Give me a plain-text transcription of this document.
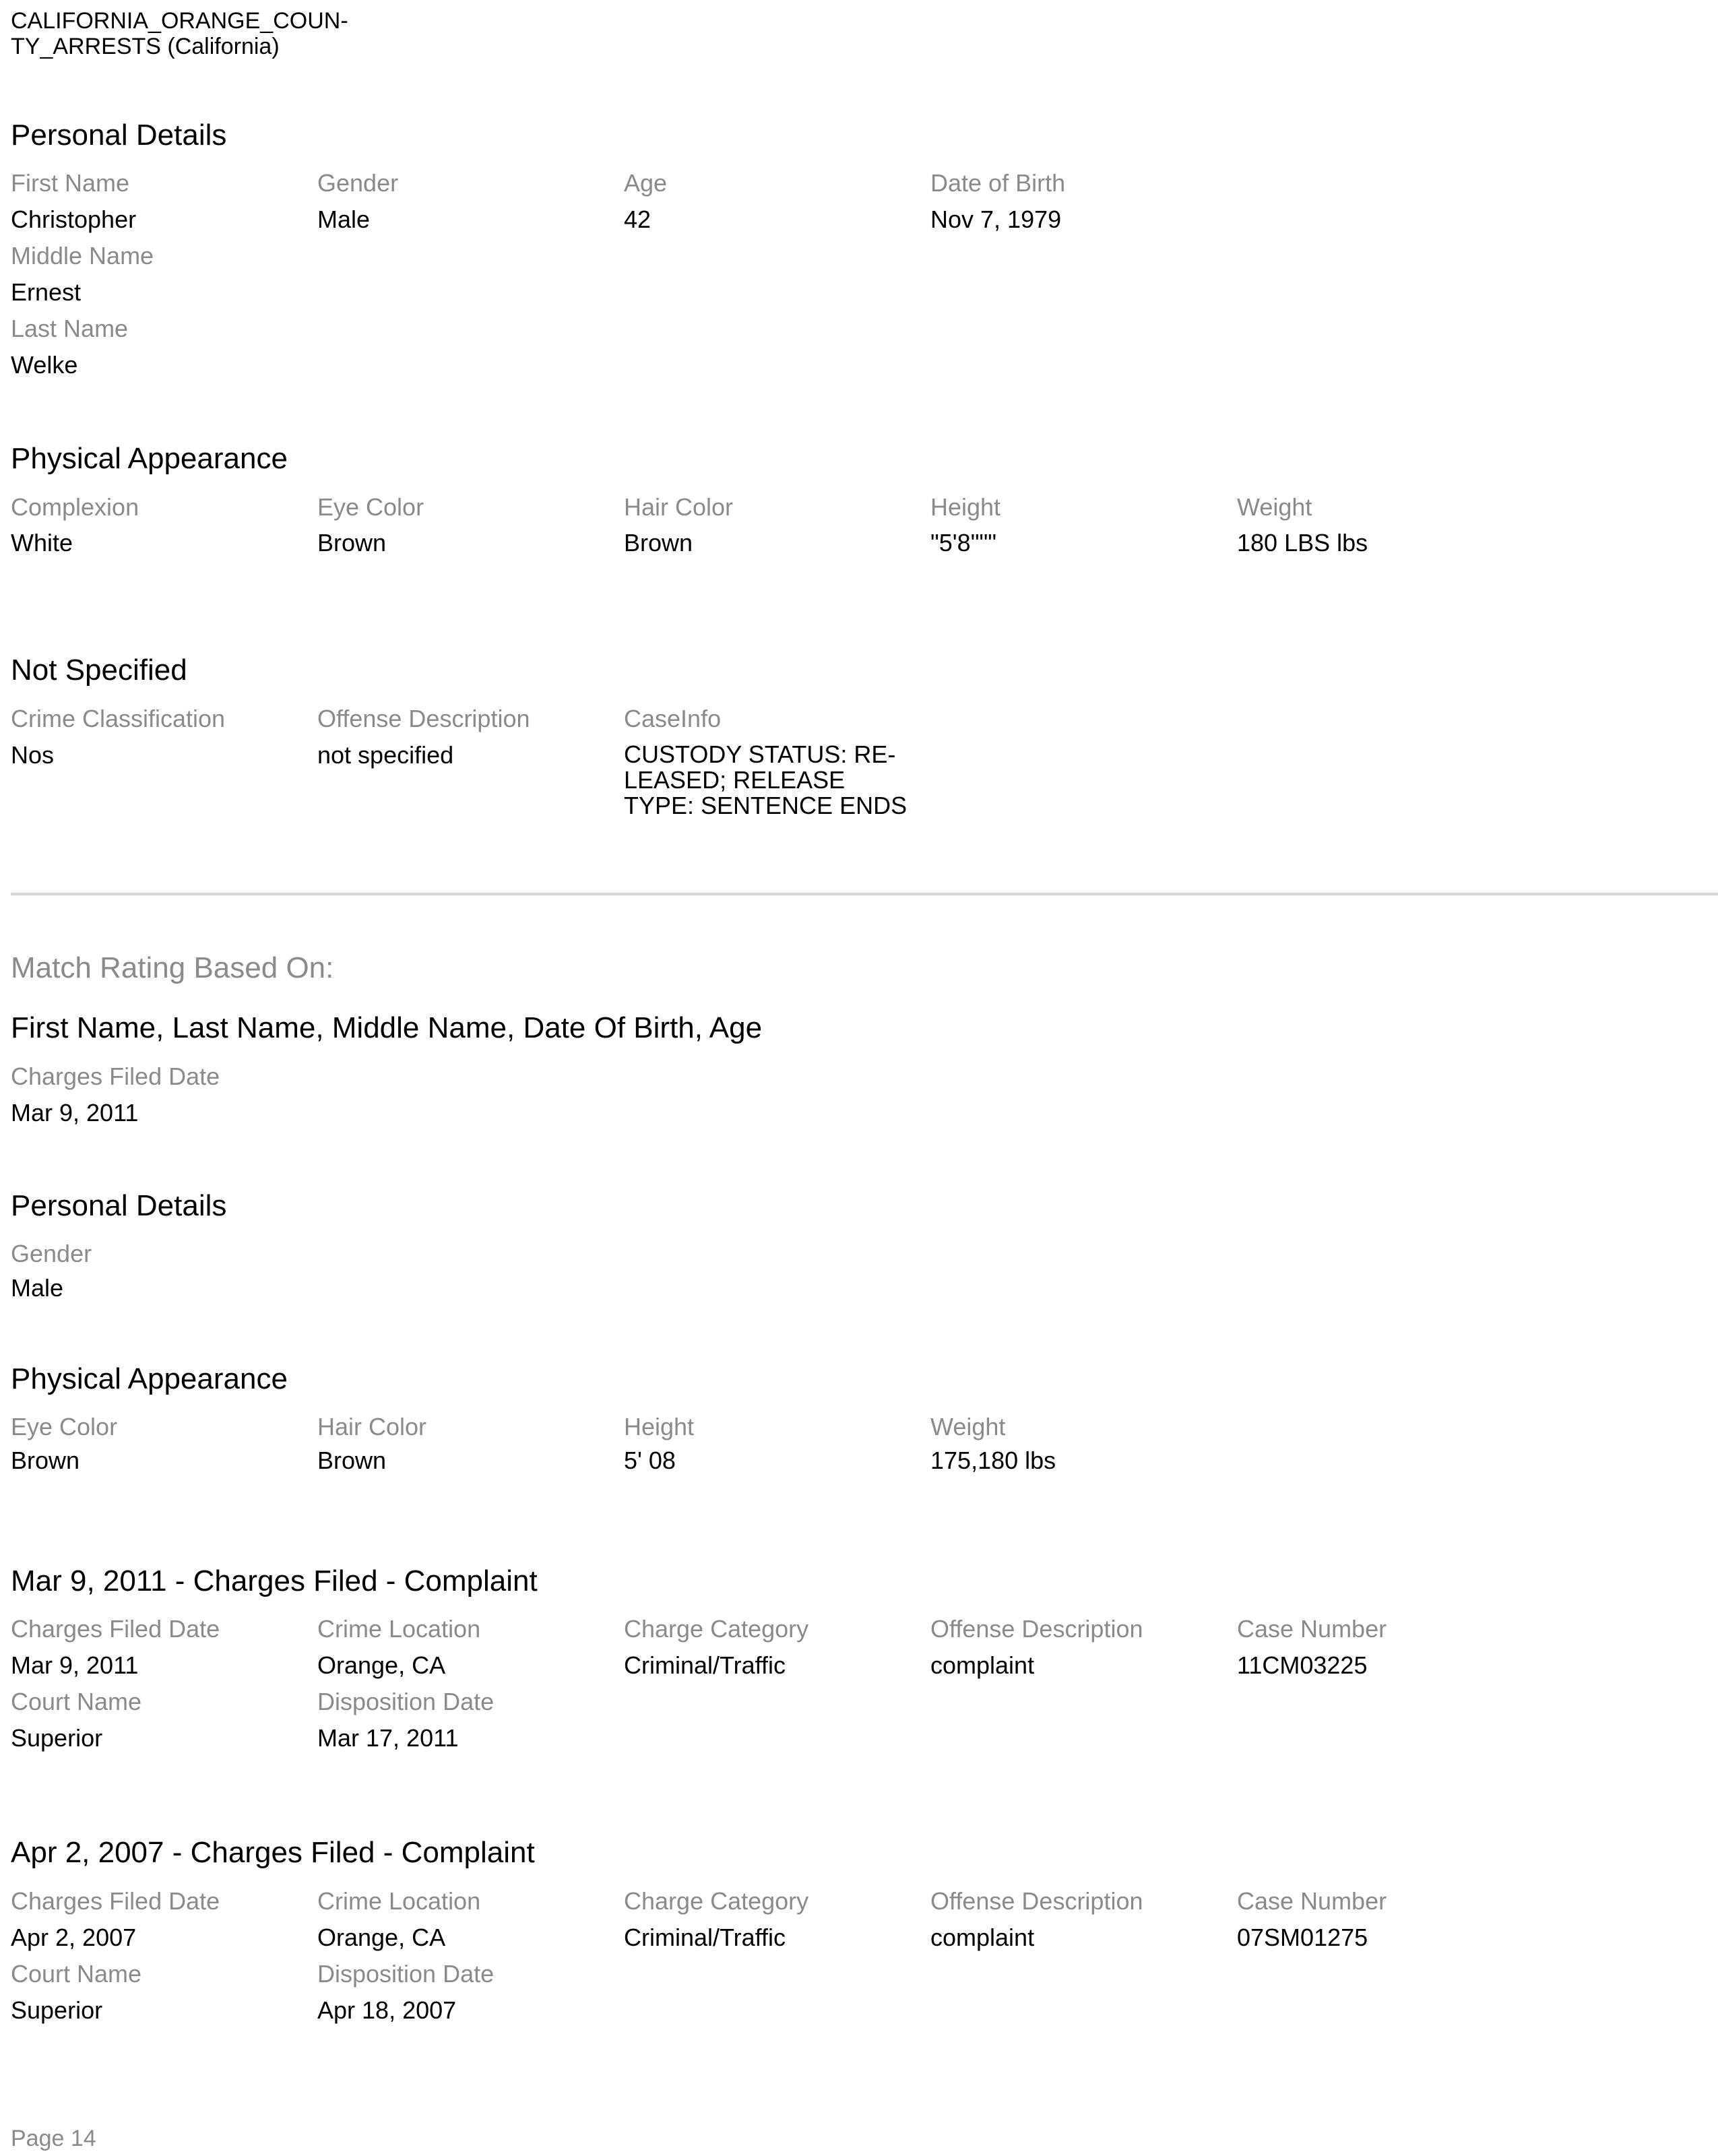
CALIFORNIA_ORANGE_COUN-TY_ARRESTS (California)
Personal Details
First Name
Christopher
Gender
Male
Age
42
Date of Birth
Nov 7, 1979
Middle Name
Ernest
Last Name
Welke
Physical Appearance
Complexion
White
Eye Color
Brown
Hair Color
Brown
Height
"5'8"""
Weight
180 LBS lbs
Not Specified
Crime Classification
Nos
Offense Description
not specified
CaseInfo
CUSTODY STATUS: RE-LEASED; RELEASE TYPE: SENTENCE ENDS
Match Rating Based On:
First Name, Last Name, Middle Name, Date Of Birth, Age
Charges Filed Date
Mar 9, 2011
Personal Details
Gender
Male
Physical Appearance
Eye Color
Brown
Hair Color
Brown
Height
5' 08
Weight
175,180 lbs
Mar 9, 2011 - Charges Filed - Complaint
Charges Filed Date
Mar 9, 2011
Crime Location
Orange, CA
Charge Category
Criminal/Traffic
Offense Description
complaint
Case Number
11CM03225
Court Name
Superior
Disposition Date
Mar 17, 2011
Apr 2, 2007 - Charges Filed - Complaint
Charges Filed Date
Apr 2, 2007
Crime Location
Orange, CA
Charge Category
Criminal/Traffic
Offense Description
complaint
Case Number
07SM01275
Court Name
Superior
Disposition Date
Apr 18, 2007
Page 14
